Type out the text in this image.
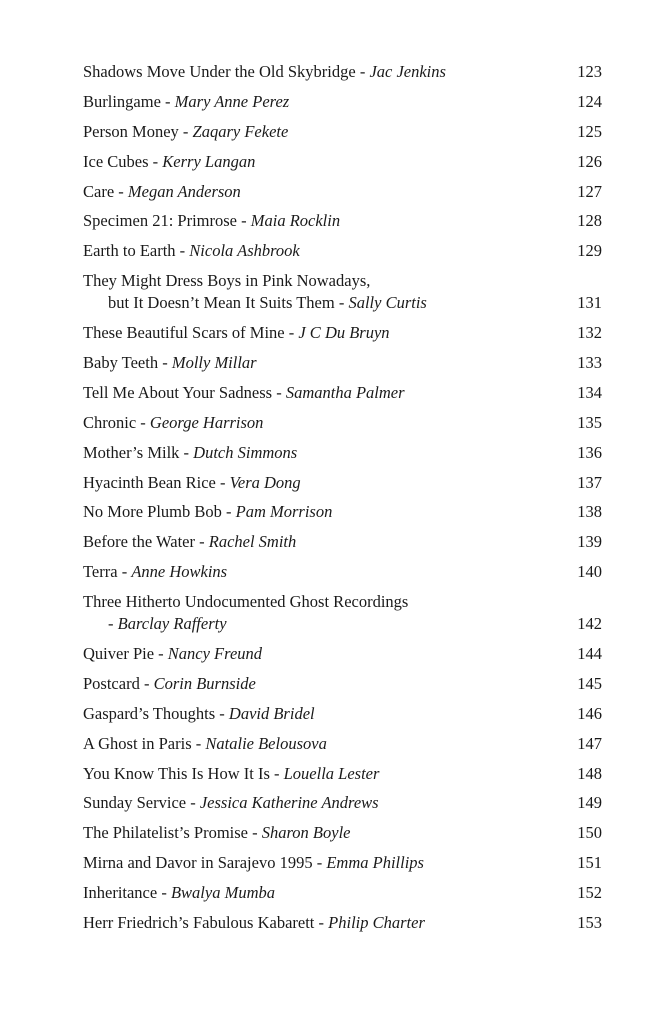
Shadows Move Under the Old Skybridge - Jac Jenkins	123
Burlingame - Mary Anne Perez	124
Person Money - Zaqary Fekete	125
Ice Cubes - Kerry Langan	126
Care - Megan Anderson	127
Specimen 21: Primrose - Maia Rocklin	128
Earth to Earth - Nicola Ashbrook	129
They Might Dress Boys in Pink Nowadays,
but It Doesn’t Mean It Suits Them - Sally Curtis	131
These Beautiful Scars of Mine - J C Du Bruyn	132
Baby Teeth - Molly Millar	133
Tell Me About Your Sadness - Samantha Palmer	134
Chronic - George Harrison	135
Mother’s Milk - Dutch Simmons	136
Hyacinth Bean Rice - Vera Dong	137
No More Plumb Bob - Pam Morrison	138
Before the Water - Rachel Smith	139
Terra - Anne Howkins	140
Three Hitherto Undocumented Ghost Recordings
- Barclay Rafferty	142
Quiver Pie - Nancy Freund	144
Postcard - Corin Burnside	145
Gaspard’s Thoughts - David Bridel	146
A Ghost in Paris - Natalie Belousova	147
You Know This Is How It Is - Louella Lester	148
Sunday Service - Jessica Katherine Andrews	149
The Philatelist’s Promise - Sharon Boyle	150
Mirna and Davor in Sarajevo 1995 - Emma Phillips	151
Inheritance - Bwalya Mumba	152
Herr Friedrich’s Fabulous Kabarett - Philip Charter	153
